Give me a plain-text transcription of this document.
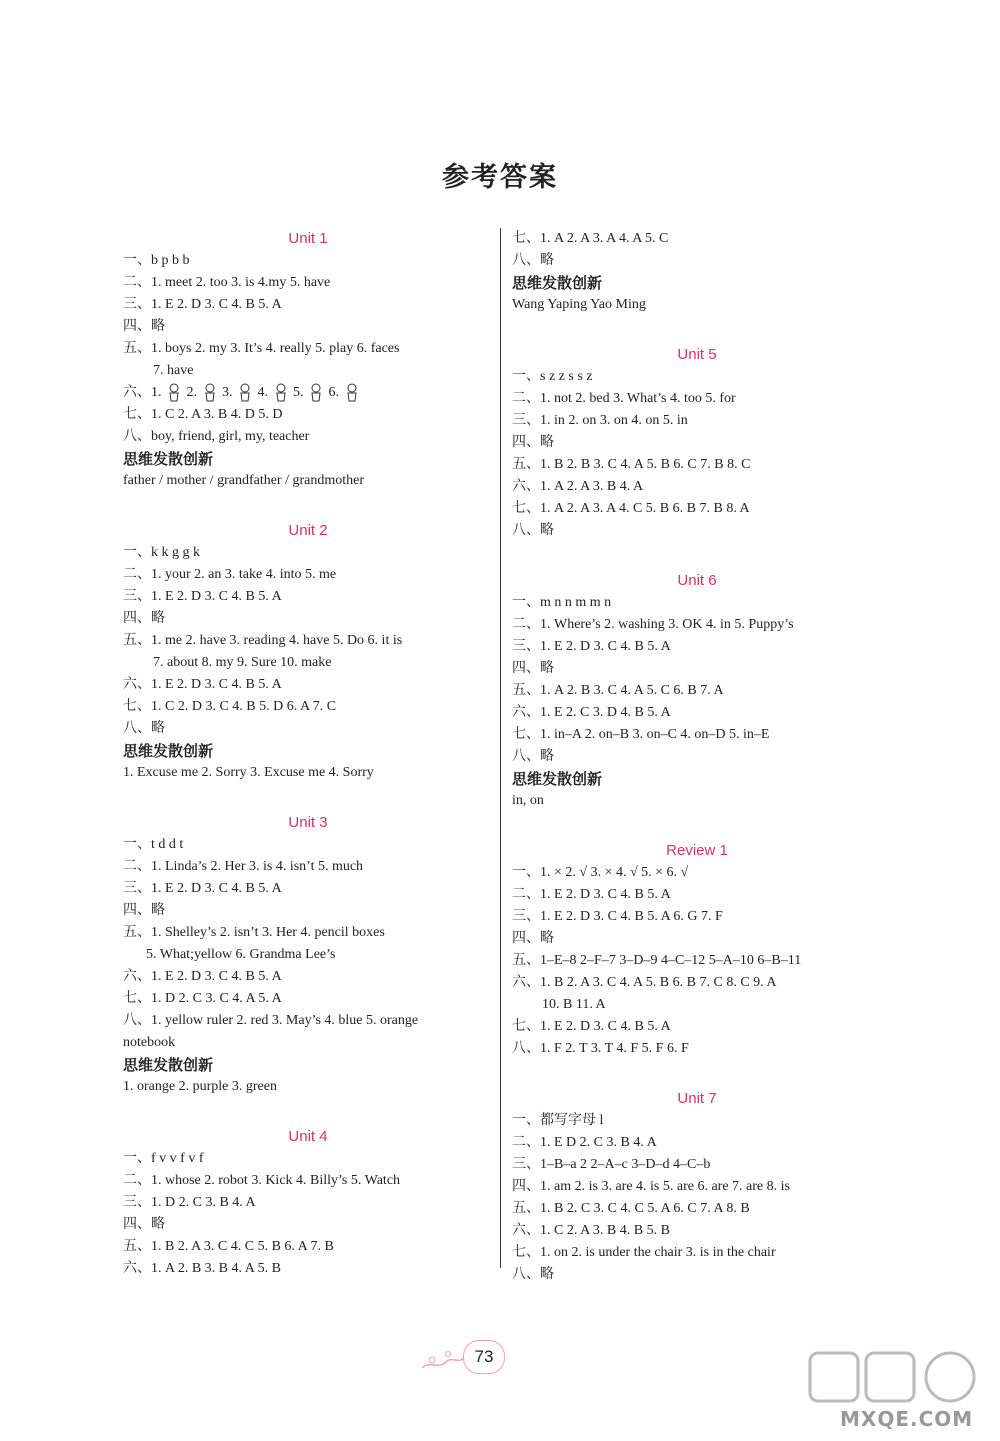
参考答案
Unit 1
一、b p b b
二、1. meet 2. too 3. is 4.my 5. have
三、1. E 2. D 3. C 4. B 5. A
四、略
五、1. boys 2. my 3. It’s 4. really 5. play 6. faces
7. have
六、1. 2. 3. 4. 5. 6.
七、1. C 2. A 3. B 4. D 5. D
八、boy, friend, girl, my, teacher
思维发散创新
father / mother / grandfather / grandmother
Unit 2
一、k k g g k
二、1. your 2. an 3. take 4. into 5. me
三、1. E 2. D 3. C 4. B 5. A
四、略
五、1. me 2. have 3. reading 4. have 5. Do 6. it is
7. about 8. my 9. Sure 10. make
六、1. E 2. D 3. C 4. B 5. A
七、1. C 2. D 3. C 4. B 5. D 6. A 7. C
八、略
思维发散创新
1. Excuse me 2. Sorry 3. Excuse me 4. Sorry
Unit 3
一、t d d t
二、1. Linda’s 2. Her 3. is 4. isn’t 5. much
三、1. E 2. D 3. C 4. B 5. A
四、略
五、1. Shelley’s 2. isn’t 3. Her 4. pencil boxes
5. What;yellow 6. Grandma Lee’s
六、1. E 2. D 3. C 4. B 5. A
七、1. D 2. C 3. C 4. A 5. A
八、1. yellow ruler 2. red 3. May’s 4. blue 5. orange
notebook
思维发散创新
1. orange 2. purple 3. green
Unit 4
一、f v v f v f
二、1. whose 2. robot 3. Kick 4. Billy’s 5. Watch
三、1. D 2. C 3. B 4. A
四、略
五、1. B 2. A 3. C 4. C 5. B 6. A 7. B
六、1. A 2. B 3. B 4. A 5. B
七、1. A 2. A 3. A 4. A 5. C
八、略
思维发散创新
Wang Yaping Yao Ming
Unit 5
一、s z z s s z
二、1. not 2. bed 3. What’s 4. too 5. for
三、1. in 2. on 3. on 4. on 5. in
四、略
五、1. B 2. B 3. C 4. A 5. B 6. C 7. B 8. C
六、1. A 2. A 3. B 4. A
七、1. A 2. A 3. A 4. C 5. B 6. B 7. B 8. A
八、略
Unit 6
一、m n n m m n
二、1. Where’s 2. washing 3. OK 4. in 5. Puppy’s
三、1. E 2. D 3. C 4. B 5. A
四、略
五、1. A 2. B 3. C 4. A 5. C 6. B 7. A
六、1. E 2. C 3. D 4. B 5. A
七、1. in–A 2. on–B 3. on–C 4. on–D 5. in–E
八、略
思维发散创新
in, on
Review 1
一、1. × 2. √ 3. × 4. √ 5. × 6. √
二、1. E 2. D 3. C 4. B 5. A
三、1. E 2. D 3. C 4. B 5. A 6. G 7. F
四、略
五、1–E–8 2–F–7 3–D–9 4–C–12 5–A–10 6–B–11
六、1. B 2. A 3. C 4. A 5. B 6. B 7. C 8. C 9. A
10. B 11. A
七、1. E 2. D 3. C 4. B 5. A
八、1. F 2. T 3. T 4. F 5. F 6. F
Unit 7
一、都写字母 l
二、1. E D 2. C 3. B 4. A
三、1–B–a 2 2–A–c 3–D–d 4–C–b
四、1. am 2. is 3. are 4. is 5. are 6. are 7. are 8. is
五、1. B 2. C 3. C 4. C 5. A 6. C 7. A 8. B
六、1. C 2. A 3. B 4. B 5. B
七、1. on 2. is under the chair 3. is in the chair
八、略
73
MXQE.COM
